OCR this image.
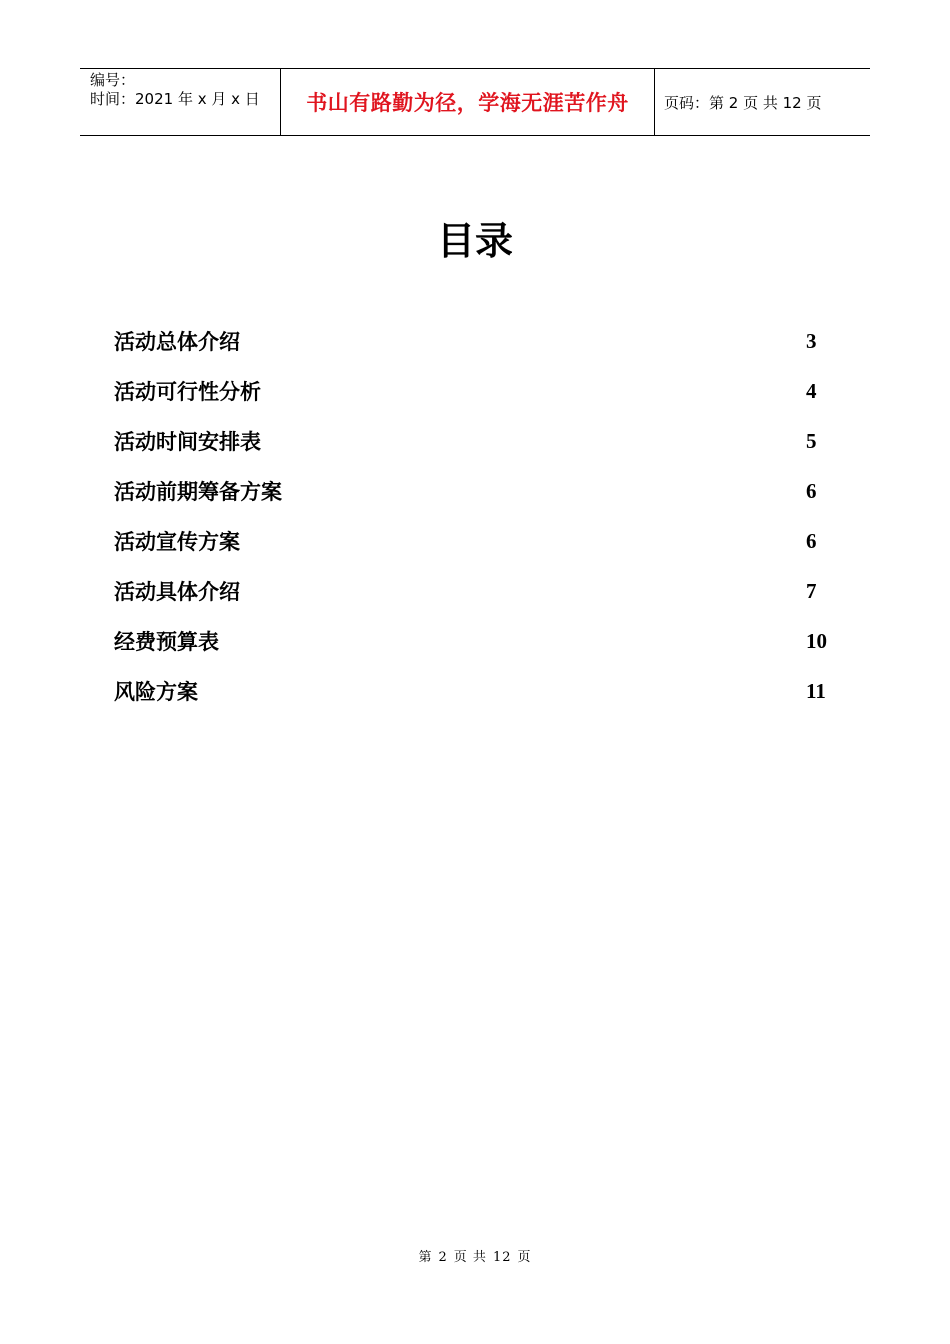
编号：
时间：2021 年 x 月 x 日	书山有路勤为径，学海无涯苦作舟 页码：第 2 页 共 12 页
目录
活动总体介绍	3
活动可行性分析	4
活动时间安排表	5
活动前期筹备方案	6
活动宣传方案	6
活动具体介绍	7
经费预算表	10
风险方案	11
第 2 页 共 12 页
